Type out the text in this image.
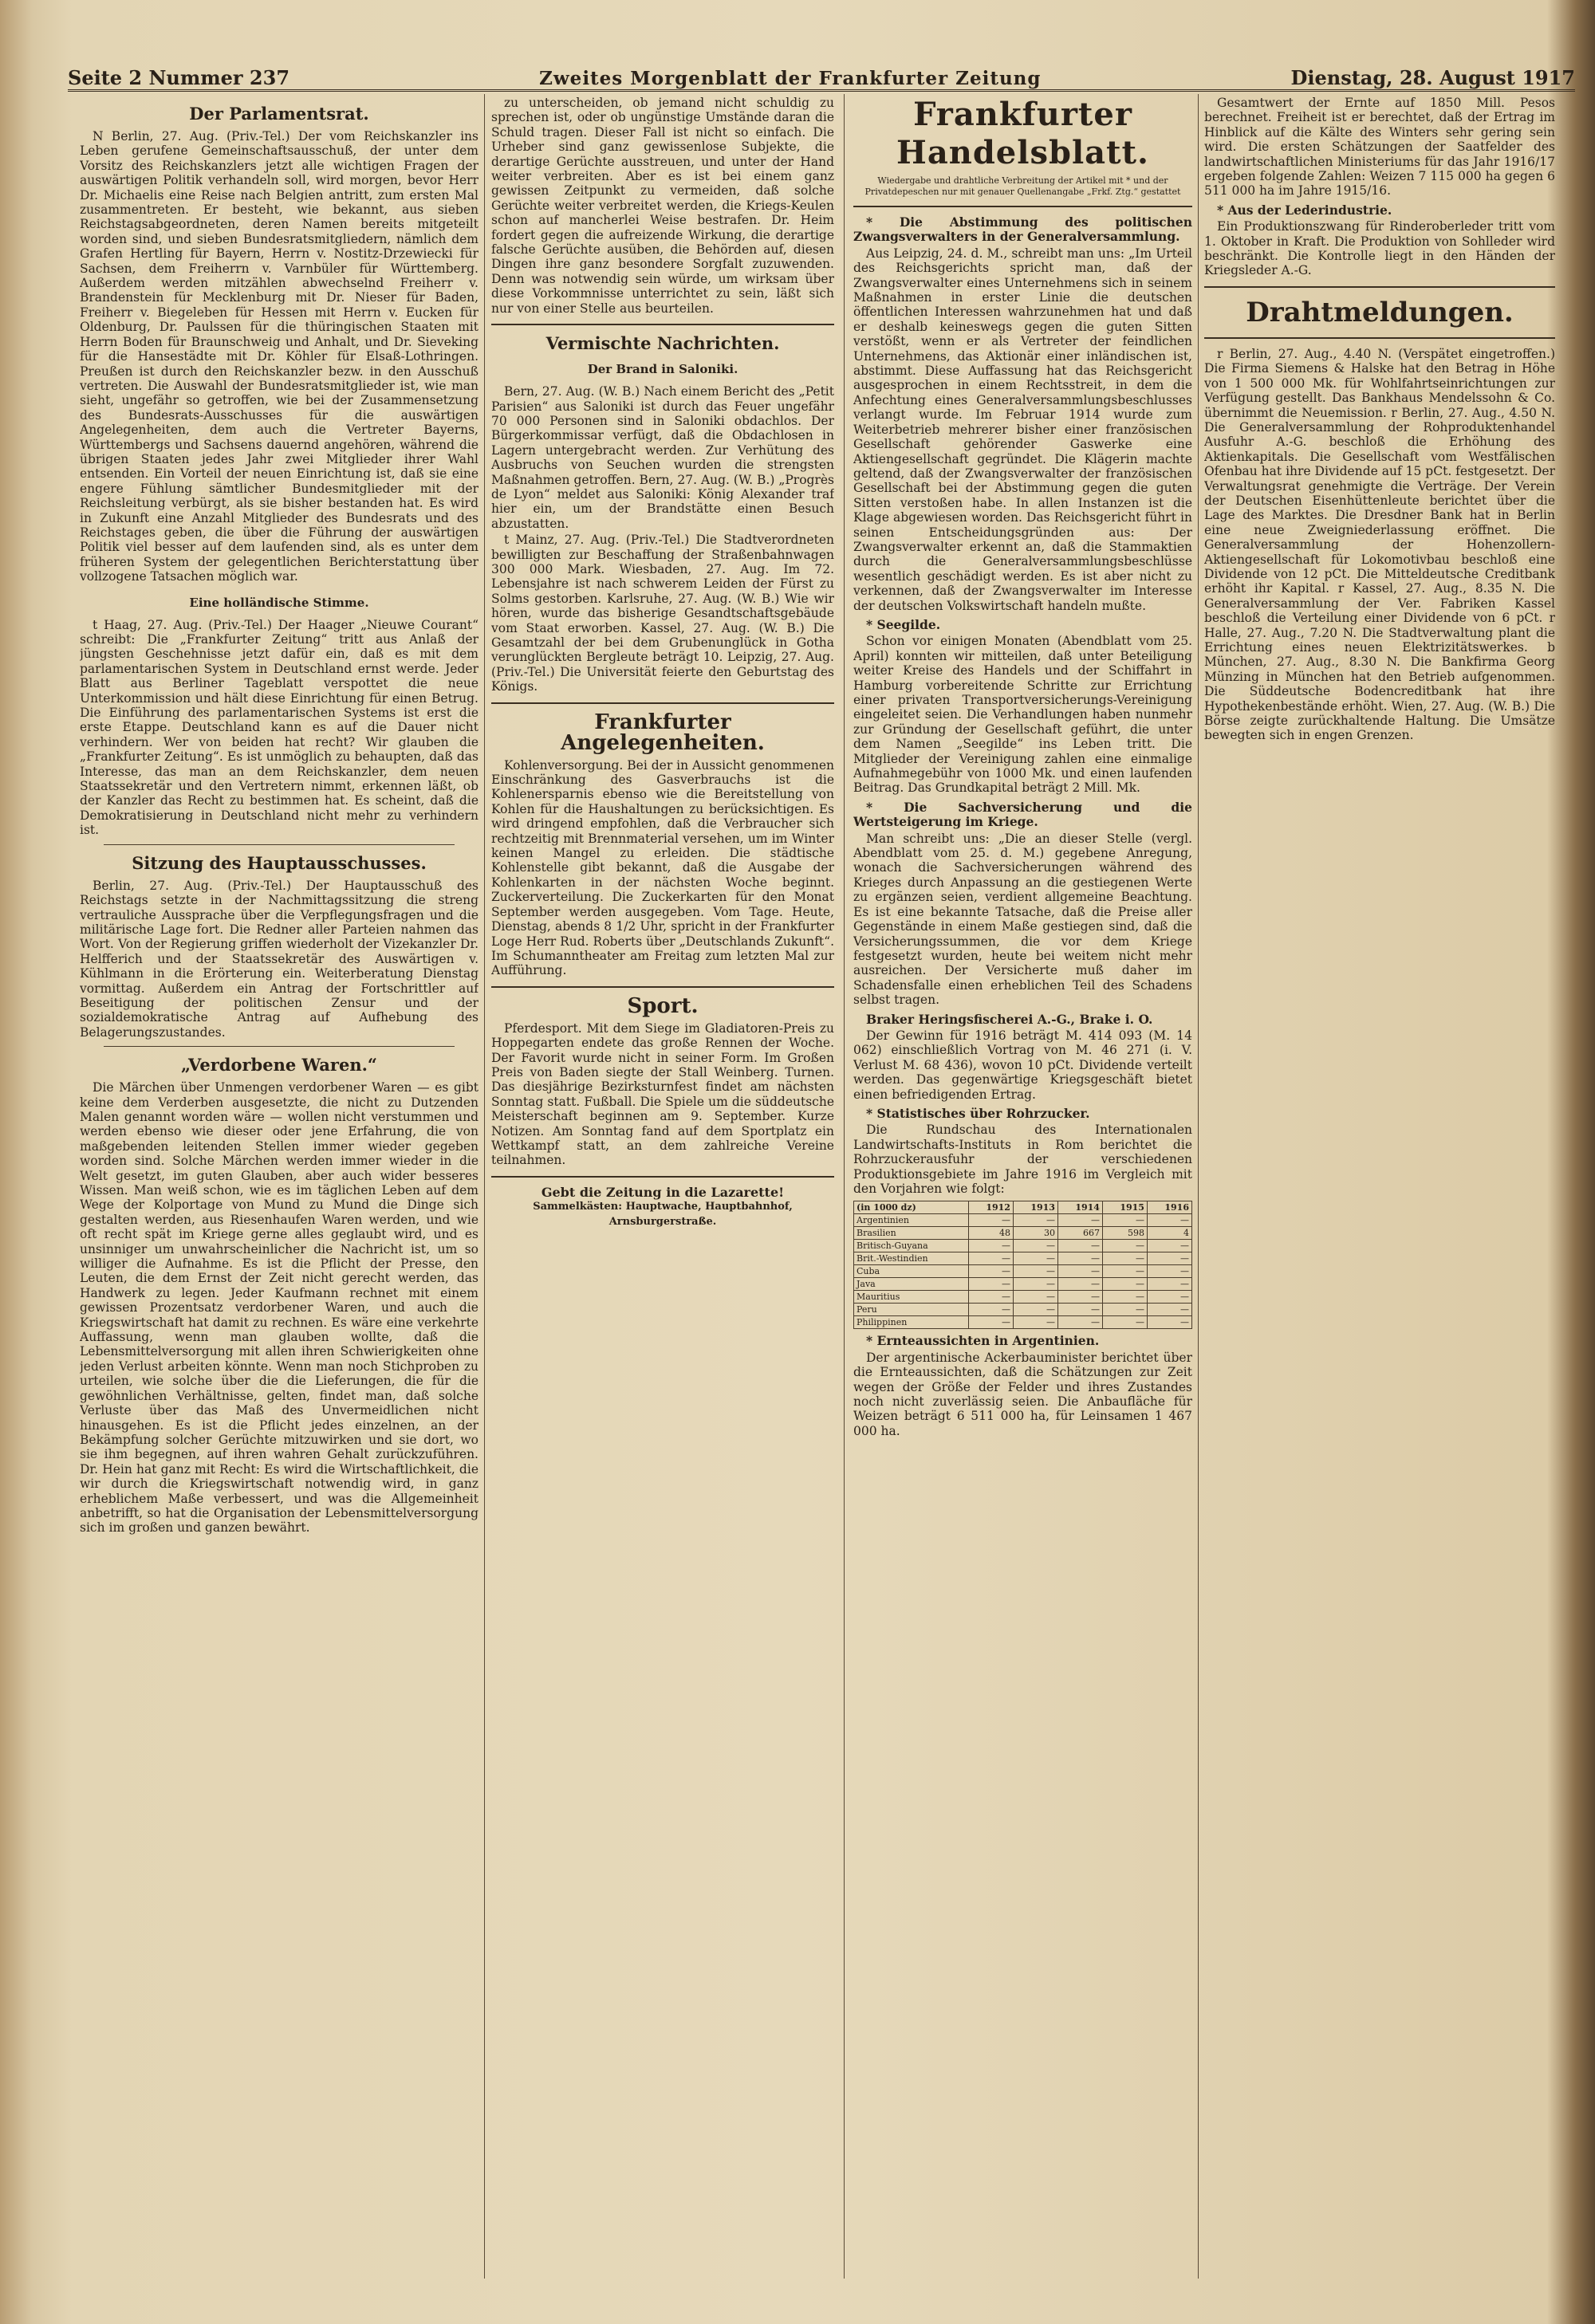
Seite 2 Nummer 237	Zweites Morgenblatt der Frankfurter Zeitung	Dienstag, 28. August 1917
Der Parlamentsrat.

N Berlin, 27. Aug. (Priv.-Tel.) Der vom Reichskanzler ins Leben gerufene Gemeinschaftsausschuß, der unter dem Vorsitz des Reichskanzlers jetzt alle wichtigen Fragen der auswärtigen Politik verhandeln soll, wird morgen, bevor Herr Dr. Michaelis eine Reise nach Belgien antritt, zum ersten Mal zusammentreten. Er besteht, wie bekannt, aus sieben Reichstagsabgeordneten, deren Namen bereits mitgeteilt worden sind, und sieben Bundesratsmitgliedern, nämlich dem Grafen Hertling für Bayern, Herrn v. Nostitz-Drzewiecki für Sachsen, dem Freiherrn v. Varnbüler für Württemberg. Außerdem werden mitzählen abwechselnd Freiherr v. Brandenstein für Mecklenburg mit Dr. Nieser für Baden, Freiherr v. Biegeleben für Hessen mit Herrn v. Eucken für Oldenburg, Dr. Paulssen für die thüringischen Staaten mit Herrn Boden für Braunschweig und Anhalt, und Dr. Sieveking für die Hansestädte mit Dr. Köhler für Elsaß-Lothringen. Preußen ist durch den Reichskanzler bezw. in den Ausschuß vertreten. Die Auswahl der Bundesratsmitglieder ist, wie man sieht, ungefähr so getroffen, wie bei der Zusammensetzung des Bundesrats-Ausschusses für die auswärtigen Angelegenheiten, dem auch die Vertreter Bayerns, Württembergs und Sachsens dauernd angehören, während die übrigen Staaten jedes Jahr zwei Mitglieder ihrer Wahl entsenden. Ein Vorteil der neuen Einrichtung ist, daß sie eine engere Fühlung sämtlicher Bundesmitglieder mit der Reichsleitung verbürgt, als sie bisher bestanden hat. Es wird in Zukunft eine Anzahl Mitglieder des Bundesrats und des Reichstages geben, die über die Führung der auswärtigen Politik viel besser auf dem laufenden sind, als es unter dem früheren System der gelegentlichen Berichterstattung über vollzogene Tatsachen möglich war.

Eine holländische Stimme.

t Haag, 27. Aug. (Priv.-Tel.) Der Haager „Nieuwe Courant“ schreibt: Die „Frankfurter Zeitung“ tritt aus Anlaß der jüngsten Geschehnisse jetzt dafür ein, daß es mit dem parlamentarischen System in Deutschland ernst werde. Jeder Blatt aus Berliner Tageblatt verspottet die neue Unterkommission und hält diese Einrichtung für einen Betrug. Die Einführung des parlamentarischen Systems ist erst die erste Etappe. Deutschland kann es auf die Dauer nicht verhindern. Wer von beiden hat recht? Wir glauben die „Frankfurter Zeitung“. Es ist unmöglich zu behaupten, daß das Interesse, das man an dem Reichskanzler, dem neuen Staatssekretär und den Vertretern nimmt, erkennen läßt, ob der Kanzler das Recht zu bestimmen hat. Es scheint, daß die Demokratisierung in Deutschland nicht mehr zu verhindern ist.

Sitzung des Hauptausschusses.

Berlin, 27. Aug. (Priv.-Tel.) Der Hauptausschuß des Reichstags setzte in der Nachmittagssitzung die streng vertrauliche Aussprache über die Verpflegungsfragen und die militärische Lage fort. Die Redner aller Parteien nahmen das Wort. Von der Regierung griffen wiederholt der Vizekanzler Dr. Helfferich und der Staatssekretär des Auswärtigen v. Kühlmann in die Erörterung ein. Weiterberatung Dienstag vormittag. Außerdem ein Antrag der Fortschrittler auf Beseitigung der politischen Zensur und der sozialdemokratische Antrag auf Aufhebung des Belagerungszustandes.

„Verdorbene Waren.“

Die Märchen über Unmengen verdorbener Waren — es gibt keine dem Verderben ausgesetzte, die nicht zu Dutzenden Malen genannt worden wäre — wollen nicht verstummen und werden ebenso wie dieser oder jene Erfahrung, die von maßgebenden leitenden Stellen immer wieder gegeben worden sind. Solche Märchen werden immer wieder in die Welt gesetzt, im guten Glauben, aber auch wider besseres Wissen. Man weiß schon, wie es im täglichen Leben auf dem Wege der Kolportage von Mund zu Mund die Dinge sich gestalten werden, aus Riesenhaufen Waren werden, und wie oft recht spät im Kriege gerne alles geglaubt wird, und es unsinniger um unwahrscheinlicher die Nachricht ist, um so williger die Aufnahme. Es ist die Pflicht der Presse, den Leuten, die dem Ernst der Zeit nicht gerecht werden, das Handwerk zu legen. Jeder Kaufmann rechnet mit einem gewissen Prozentsatz verdorbener Waren, und auch die Kriegswirtschaft hat damit zu rechnen. Es wäre eine verkehrte Auffassung, wenn man glauben wollte, daß die Lebensmittelversorgung mit allen ihren Schwierigkeiten ohne jeden Verlust arbeiten könnte. Wenn man noch Stichproben zu urteilen, wie solche über die die Lieferungen, die für die gewöhnlichen Verhältnisse, gelten, findet man, daß solche Verluste über das Maß des Unvermeidlichen nicht hinausgehen. Es ist die Pflicht jedes einzelnen, an der Bekämpfung solcher Gerüchte mitzuwirken und sie dort, wo sie ihm begegnen, auf ihren wahren Gehalt zurückzuführen. Dr. Hein hat ganz mit Recht: Es wird die Wirtschaftlichkeit, die wir durch die Kriegswirtschaft notwendig wird, in ganz erheblichem Maße verbessert, und was die Allgemeinheit anbetrifft, so hat die Organisation der Lebensmittelversorgung sich im großen und ganzen bewährt.

zu unterscheiden, ob jemand nicht schuldig zu sprechen ist, oder ob ungünstige Umstände daran die Schuld tragen. Dieser Fall ist nicht so einfach. Die Urheber sind ganz gewissenlose Subjekte, die derartige Gerüchte ausstreuen, und unter der Hand weiter verbreiten. Aber es ist bei einem ganz gewissen Zeitpunkt zu vermeiden, daß solche Gerüchte weiter verbreitet werden, die Kriegs-Keulen schon auf mancherlei Weise bestrafen. Dr. Heim fordert gegen die aufreizende Wirkung, die derartige falsche Gerüchte ausüben, die Behörden auf, diesen Dingen ihre ganz besondere Sorgfalt zuzuwenden. Denn was notwendig sein würde, um wirksam über diese Vorkommnisse unterrichtet zu sein, läßt sich nur von einer Stelle aus beurteilen.

Vermischte Nachrichten.
Der Brand in Saloniki.

Bern, 27. Aug. (W. B.) Nach einem Bericht des „Petit Parisien“ aus Saloniki ist durch das Feuer ungefähr 70 000 Personen sind in Saloniki obdachlos. Der Bürgerkommissar verfügt, daß die Obdachlosen in Lagern untergebracht werden. Zur Verhütung des Ausbruchs von Seuchen wurden die strengsten Maßnahmen getroffen. Bern, 27. Aug. (W. B.) „Progrès de Lyon“ meldet aus Saloniki: König Alexander traf hier ein, um der Brandstätte einen Besuch abzustatten.

t Mainz, 27. Aug. (Priv.-Tel.) Die Stadtverordneten bewilligten zur Beschaffung der Straßenbahnwagen 300 000 Mark. Wiesbaden, 27. Aug. Im 72. Lebensjahre ist nach schwerem Leiden der Fürst zu Solms gestorben. Karlsruhe, 27. Aug. (W. B.) Wie wir hören, wurde das bisherige Gesandtschaftsgebäude vom Staat erworben. Kassel, 27. Aug. (W. B.) Die Gesamtzahl der bei dem Grubenunglück in Gotha verunglückten Bergleute beträgt 10. Leipzig, 27. Aug. (Priv.-Tel.) Die Universität feierte den Geburtstag des Königs.

Frankfurter Angelegenheiten.

Kohlenversorgung. Bei der in Aussicht genommenen Einschränkung des Gasverbrauchs ist die Kohlenersparnis ebenso wie die Bereitstellung von Kohlen für die Haushaltungen zu berücksichtigen. Es wird dringend empfohlen, daß die Verbraucher sich rechtzeitig mit Brennmaterial versehen, um im Winter keinen Mangel zu erleiden. Die städtische Kohlenstelle gibt bekannt, daß die Ausgabe der Kohlenkarten in der nächsten Woche beginnt. Zuckerverteilung. Die Zuckerkarten für den Monat September werden ausgegeben. Vom Tage. Heute, Dienstag, abends 8 1/2 Uhr, spricht in der Frankfurter Loge Herr Rud. Roberts über „Deutschlands Zukunft“. Im Schumanntheater am Freitag zum letzten Mal zur Aufführung.

Sport.

Pferdesport. Mit dem Siege im Gladiatoren-Preis zu Hoppegarten endete das große Rennen der Woche. Der Favorit wurde nicht in seiner Form. Im Großen Preis von Baden siegte der Stall Weinberg. Turnen. Das diesjährige Bezirksturnfest findet am nächsten Sonntag statt. Fußball. Die Spiele um die süddeutsche Meisterschaft beginnen am 9. September. Kurze Notizen. Am Sonntag fand auf dem Sportplatz ein Wettkampf statt, an dem zahlreiche Vereine teilnahmen.

Gebt die Zeitung in die Lazarette!
Sammelkästen: Hauptwache, Hauptbahnhof, Arnsburgerstraße.
Frankfurter Handelsblatt.
Wiedergabe und drahtliche Verbreitung der Artikel mit * und der Privatdepeschen nur mit genauer Quellenangabe „Frkf. Ztg.“ gestattet

* Die Abstimmung des politischen Zwangsverwalters in der Generalversammlung.

Aus Leipzig, 24. d. M., schreibt man uns: „Im Urteil des Reichsgerichts spricht man, daß der Zwangsverwalter eines Unternehmens sich in seinem Maßnahmen in erster Linie die deutschen öffentlichen Interessen wahrzunehmen hat und daß er deshalb keineswegs gegen die guten Sitten verstößt, wenn er als Vertreter der feindlichen Unternehmens, das Aktionär einer inländischen ist, abstimmt. Diese Auffassung hat das Reichsgericht ausgesprochen in einem Rechtsstreit, in dem die Anfechtung eines Generalversammlungsbeschlusses verlangt wurde. Im Februar 1914 wurde zum Weiterbetrieb mehrerer bisher einer französischen Gesellschaft gehörender Gaswerke eine Aktiengesellschaft gegründet. Die Klägerin machte geltend, daß der Zwangsverwalter der französischen Gesellschaft bei der Abstimmung gegen die guten Sitten verstoßen habe. In allen Instanzen ist die Klage abgewiesen worden. Das Reichsgericht führt in seinen Entscheidungsgründen aus: Der Zwangsverwalter erkennt an, daß die Stammaktien durch die Generalversammlungsbeschlüsse wesentlich geschädigt werden. Es ist aber nicht zu verkennen, daß der Zwangsverwalter im Interesse der deutschen Volkswirtschaft handeln mußte.

* Seegilde.

Schon vor einigen Monaten (Abendblatt vom 25. April) konnten wir mitteilen, daß unter Beteiligung weiter Kreise des Handels und der Schiffahrt in Hamburg vorbereitende Schritte zur Errichtung einer privaten Transportversicherungs-Vereinigung eingeleitet seien. Die Verhandlungen haben nunmehr zur Gründung der Gesellschaft geführt, die unter dem Namen „Seegilde“ ins Leben tritt. Die Mitglieder der Vereinigung zahlen eine einmalige Aufnahmegebühr von 1000 Mk. und einen laufenden Beitrag. Das Grundkapital beträgt 2 Mill. Mk.

* Die Sachversicherung und die Wertsteigerung im Kriege.

Man schreibt uns: „Die an dieser Stelle (vergl. Abendblatt vom 25. d. M.) gegebene Anregung, wonach die Sachversicherungen während des Krieges durch Anpassung an die gestiegenen Werte zu ergänzen seien, verdient allgemeine Beachtung. Es ist eine bekannte Tatsache, daß die Preise aller Gegenstände in einem Maße gestiegen sind, daß die Versicherungssummen, die vor dem Kriege festgesetzt wurden, heute bei weitem nicht mehr ausreichen. Der Versicherte muß daher im Schadensfalle einen erheblichen Teil des Schadens selbst tragen.

Braker Heringsfischerei A.-G., Brake i. O.

Der Gewinn für 1916 beträgt M. 414 093 (M. 14 062) einschließlich Vortrag von M. 46 271 (i. V. Verlust M. 68 436), wovon 10 pCt. Dividende verteilt werden. Das gegenwärtige Kriegsgeschäft bietet einen befriedigenden Ertrag.

* Statistisches über Rohrzucker.

Die Rundschau des Internationalen Landwirtschafts-Instituts in Rom berichtet die Rohrzuckerausfuhr der verschiedenen Produktionsgebiete im Jahre 1916 im Vergleich mit den Vorjahren wie folgt:

(in 1000 dz)	1912	1913	1914	1915	1916
Argentinien	—	—	—	—	—
Brasilien	48	30	667	598	4
Britisch-Guyana	—	—	—	—	—
Brit.-Westindien	—	—	—	—	—
Cuba	—	—	—	—	—
Java	—	—	—	—	—
Mauritius	—	—	—	—	—
Peru	—	—	—	—	—
Philippinen	—	—	—	—	—

* Ernteaussichten in Argentinien.

Der argentinische Ackerbauminister berichtet über die Ernteaussichten, daß die Schätzungen zur Zeit wegen der Größe der Felder und ihres Zustandes noch nicht zuverlässig seien. Die Anbaufläche für Weizen beträgt 6 511 000 ha, für Leinsamen 1 467 000 ha.

Gesamtwert der Ernte auf 1850 Mill. Pesos berechnet. Freiheit ist er berechtet, daß der Ertrag im Hinblick auf die Kälte des Winters sehr gering sein wird. Die ersten Schätzungen der Saatfelder des landwirtschaftlichen Ministeriums für das Jahr 1916/17 ergeben folgende Zahlen: Weizen 7 115 000 ha gegen 6 511 000 ha im Jahre 1915/16.

* Aus der Lederindustrie.

Ein Produktionszwang für Rinderoberleder tritt vom 1. Oktober in Kraft. Die Produktion von Sohlleder wird beschränkt. Die Kontrolle liegt in den Händen der Kriegsleder A.-G.

Drahtmeldungen.

r Berlin, 27. Aug., 4.40 N. (Verspätet eingetroffen.) Die Firma Siemens & Halske hat den Betrag in Höhe von 1 500 000 Mk. für Wohlfahrtseinrichtungen zur Verfügung gestellt. Das Bankhaus Mendelssohn & Co. übernimmt die Neuemission. r Berlin, 27. Aug., 4.50 N. Die Generalversammlung der Rohproduktenhandel Ausfuhr A.-G. beschloß die Erhöhung des Aktienkapitals. Die Gesellschaft vom Westfälischen Ofenbau hat ihre Dividende auf 15 pCt. festgesetzt. Der Verwaltungsrat genehmigte die Verträge. Der Verein der Deutschen Eisenhüttenleute berichtet über die Lage des Marktes. Die Dresdner Bank hat in Berlin eine neue Zweigniederlassung eröffnet. Die Generalversammlung der Hohenzollern-Aktiengesellschaft für Lokomotivbau beschloß eine Dividende von 12 pCt. Die Mitteldeutsche Creditbank erhöht ihr Kapital. r Kassel, 27. Aug., 8.35 N. Die Generalversammlung der Ver. Fabriken Kassel beschloß die Verteilung einer Dividende von 6 pCt. r Halle, 27. Aug., 7.20 N. Die Stadtverwaltung plant die Errichtung eines neuen Elektrizitätswerkes. b München, 27. Aug., 8.30 N. Die Bankfirma Georg Münzing in München hat den Betrieb aufgenommen. Die Süddeutsche Bodencreditbank hat ihre Hypothekenbestände erhöht. Wien, 27. Aug. (W. B.) Die Börse zeigte zurückhaltende Haltung. Die Umsätze bewegten sich in engen Grenzen.
